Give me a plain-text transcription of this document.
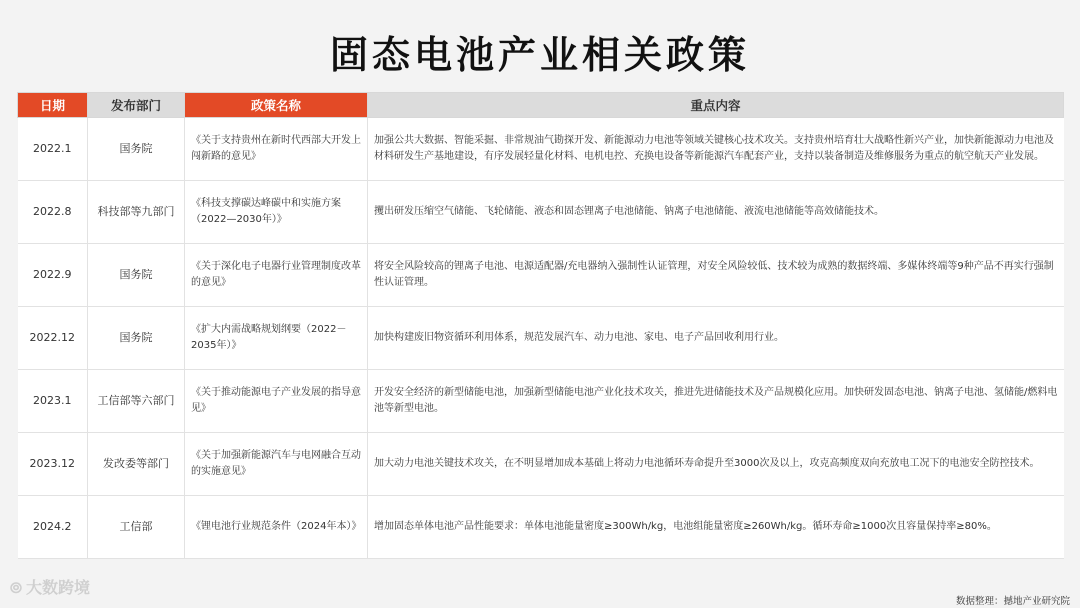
固态电池产业相关政策
日期	发布部门	政策名称	重点内容
2022.1	国务院	《关于支持贵州在新时代西部大开发上闯新路的意见》	加强公共大数据、智能采掘、非常规油气勘探开发、新能源动力电池等领域关键核心技术攻关。支持贵州培育壮大战略性新兴产业，加快新能源动力电池及材料研发生产基地建设，有序发展轻量化材料、电机电控、充换电设备等新能源汽车配套产业，支持以装备制造及维修服务为重点的航空航天产业发展。
2022.8	科技部等九部门	《科技支撑碳达峰碳中和实施方案（2022—2030年）》	攫出研发压缩空气储能、飞轮储能、液态和固态锂离子电池储能、钠离子电池储能、液流电池储能等高效储能技术。
2022.9	国务院	《关于深化电子电器行业管理制度改革的意见》	将安全风险较高的锂离子电池、电源适配器/充电器纳入强制性认证管理，对安全风险较低、技术较为成熟的数据终端、多媒体终端等9种产品不再实行强制性认证管理。
2022.12	国务院	《扩大内需战略规划纲要（2022－2035年）》	加快构建废旧物资循环利用体系，规范发展汽车、动力电池、家电、电子产品回收利用行业。
2023.1	工信部等六部门	《关于推动能源电子产业发展的指导意见》	开发安全经济的新型储能电池，加强新型储能电池产业化技术攻关，推进先进储能技术及产品规模化应用。加快研发固态电池、钠离子电池、氢储能/燃料电池等新型电池。
2023.12	发改委等部门	《关于加强新能源汽车与电网融合互动的实施意见》	加大动力电池关键技术攻关，在不明显增加成本基础上将动力电池循环寿命提升至3000次及以上，攻克高频度双向充放电工况下的电池安全防控技术。
2024.2	工信部	《锂电池行业规范条件（2024年本）》	增加固态单体电池产品性能要求：单体电池能量密度≥300Wh/kg，电池组能量密度≥260Wh/kg。循环寿命≥1000次且容量保持率≥80%。
⦾ 大数跨境
数据整理：撼地产业研究院
